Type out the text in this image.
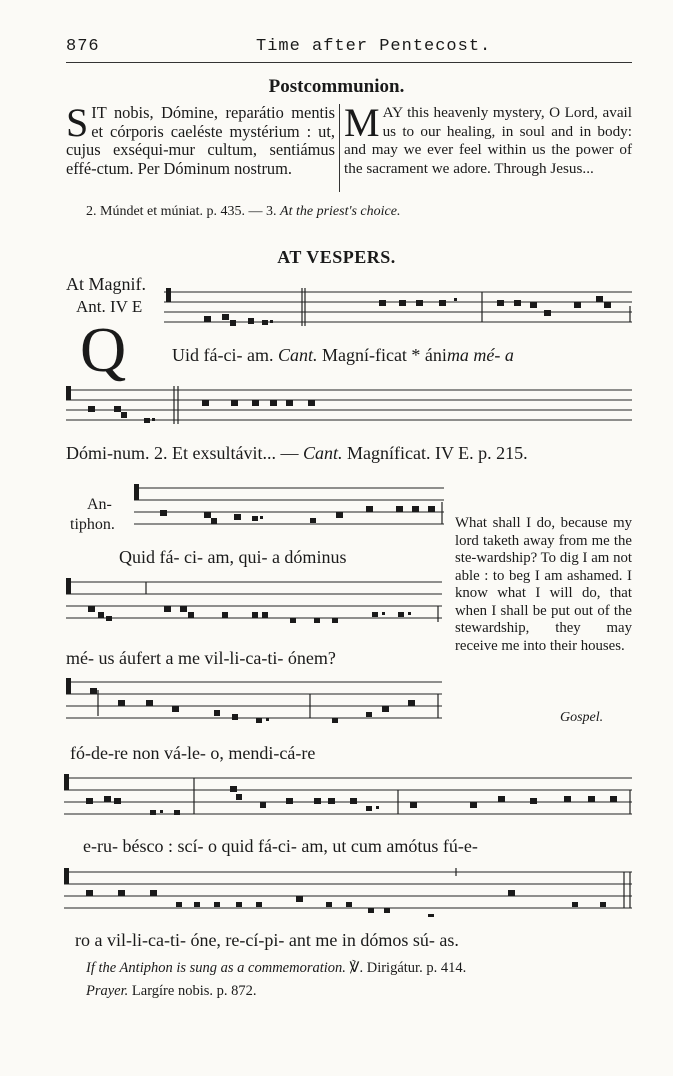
876	Time after Pentecost.
Postcommunion.
SIT nobis, Dómine, reparátio mentis et córporis caeléste mystérium : ut, cujus exséqui-mur cultum, sentiámus effé-ctum. Per Dóminum nostrum.
MAY this heavenly mystery, O Lord, avail us to our healing, in soul and in body: and may we ever feel within us the power of the sacrament we adore. Through Jesus...
2. Múndet et múniat. p. 435. — 3. At the priest's choice.
AT VESPERS.
At Magnif.
Ant. IV E
Q	Uid fá-ci- am. Cant. Magní-ficat * ánima mé- a
Dómi-num. 2. Et exsultávit... — Cant. Magníficat. IV E. p. 215.
An-
tiphon.
Quid fá- ci- am, qui- a dóminus
mé- us áufert a me vil-li-ca-ti- ónem?
What shall I do, because my lord taketh away from me the ste-wardship? To dig I am not able : to beg I am ashamed. I know what I will do, that when I shall be put out of the stewardship, they may receive me into their houses.
Gospel.
fó-de-re non vá-le- o, mendi-cá-re
e-ru- bésco : scí- o quid fá-ci- am, ut cum amótus fú-e-
ro a vil-li-ca-ti- óne, re-cí-pi- ant me in dómos sú- as.
If the Antiphon is sung as a commemoration. ℣. Dirigátur. p. 414.
Prayer. Largíre nobis. p. 872.
